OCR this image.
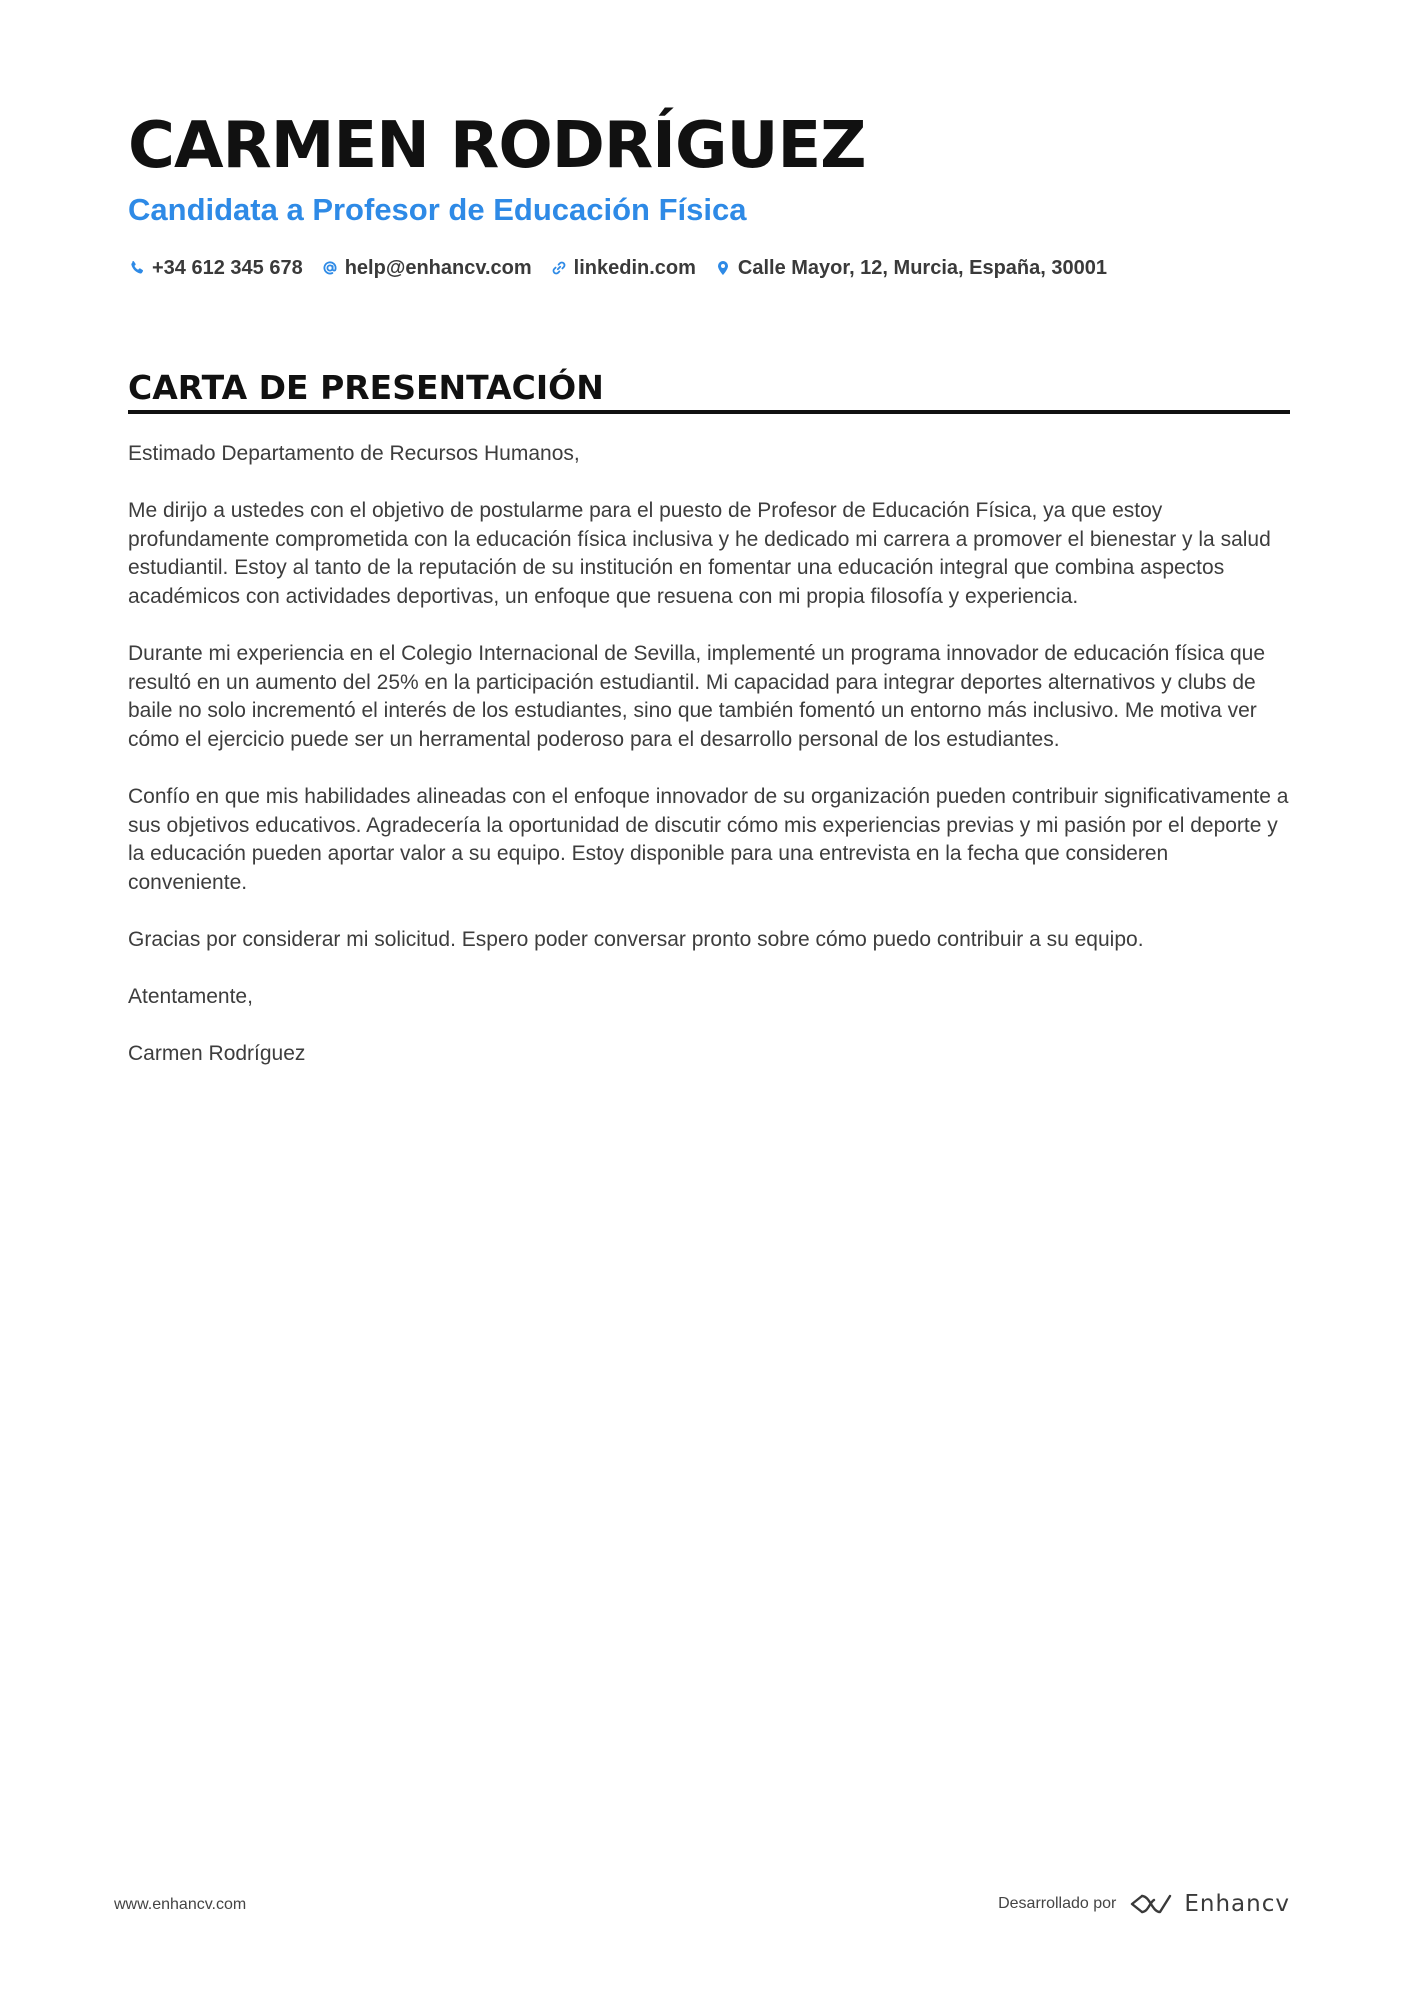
CARMEN RODRÍGUEZ
Candidata a Profesor de Educación Física
+34 612 345 678 help@enhancv.com linkedin.com Calle Mayor, 12, Murcia, España, 30001
CARTA DE PRESENTACIÓN

Estimado Departamento de Recursos Humanos,

Me dirijo a ustedes con el objetivo de postularme para el puesto de Profesor de Educación Física, ya que estoy profundamente comprometida con la educación física inclusiva y he dedicado mi carrera a promover el bienestar y la salud estudiantil. Estoy al tanto de la reputación de su institución en fomentar una educación integral que combina aspectos académicos con actividades deportivas, un enfoque que resuena con mi propia filosofía y experiencia.

Durante mi experiencia en el Colegio Internacional de Sevilla, implementé un programa innovador de educación física que resultó en un aumento del 25% en la participación estudiantil. Mi capacidad para integrar deportes alternativos y clubs de baile no solo incrementó el interés de los estudiantes, sino que también fomentó un entorno más inclusivo. Me motiva ver cómo el ejercicio puede ser un herramental poderoso para el desarrollo personal de los estudiantes.

Confío en que mis habilidades alineadas con el enfoque innovador de su organización pueden contribuir significativamente a sus objetivos educativos. Agradecería la oportunidad de discutir cómo mis experiencias previas y mi pasión por el deporte y la educación pueden aportar valor a su equipo. Estoy disponible para una entrevista en la fecha que consideren conveniente.

Gracias por considerar mi solicitud. Espero poder conversar pronto sobre cómo puedo contribuir a su equipo.

Atentamente,

Carmen Rodríguez

www.enhancv.com	Desarrollado por	Enhancv
